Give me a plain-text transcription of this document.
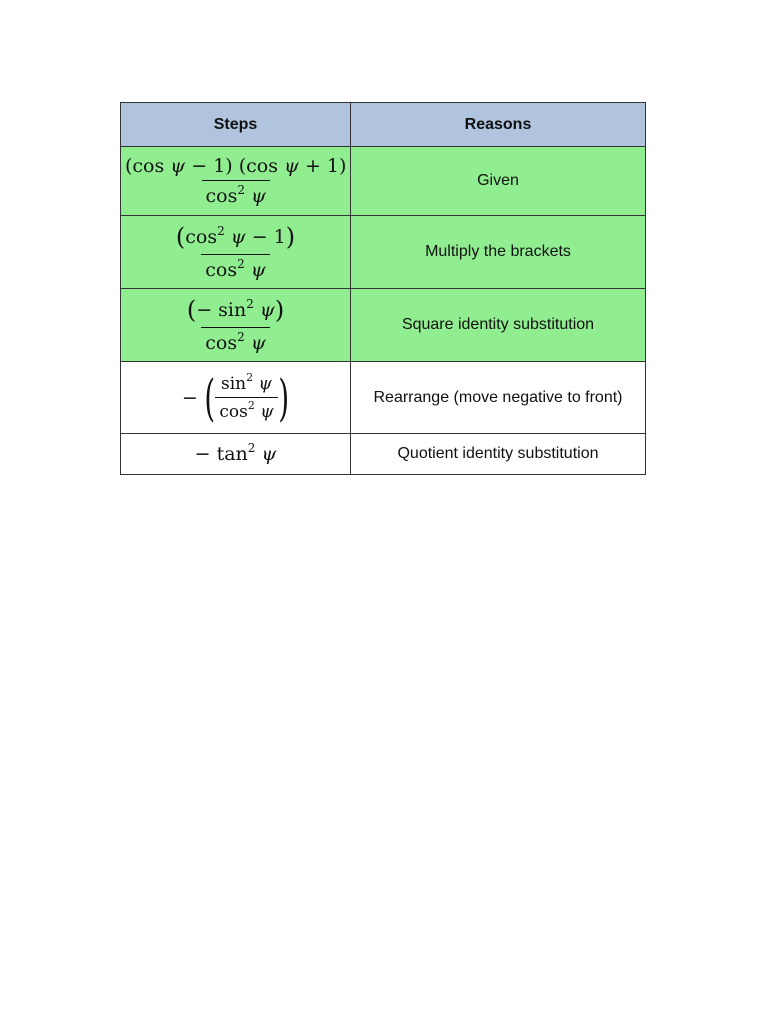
Steps	Reasons

$\frac{\text{(cos ψ − 1) (cos ψ + 1)}}{\cos^2 \psi}$	Given

$\frac{(\cos^2 \psi - 1)}{\cos^2 \psi}$	Multiply the brackets

$\frac{(- \sin^2 \psi)}{\cos^2 \psi}$	Square identity substitution
− ( $\frac{\sin^2 \psi}{\cos^2 \psi}$ )	Rearrange (move negative to front)
− $\tan^2 \psi$	Quotient identity substitution
